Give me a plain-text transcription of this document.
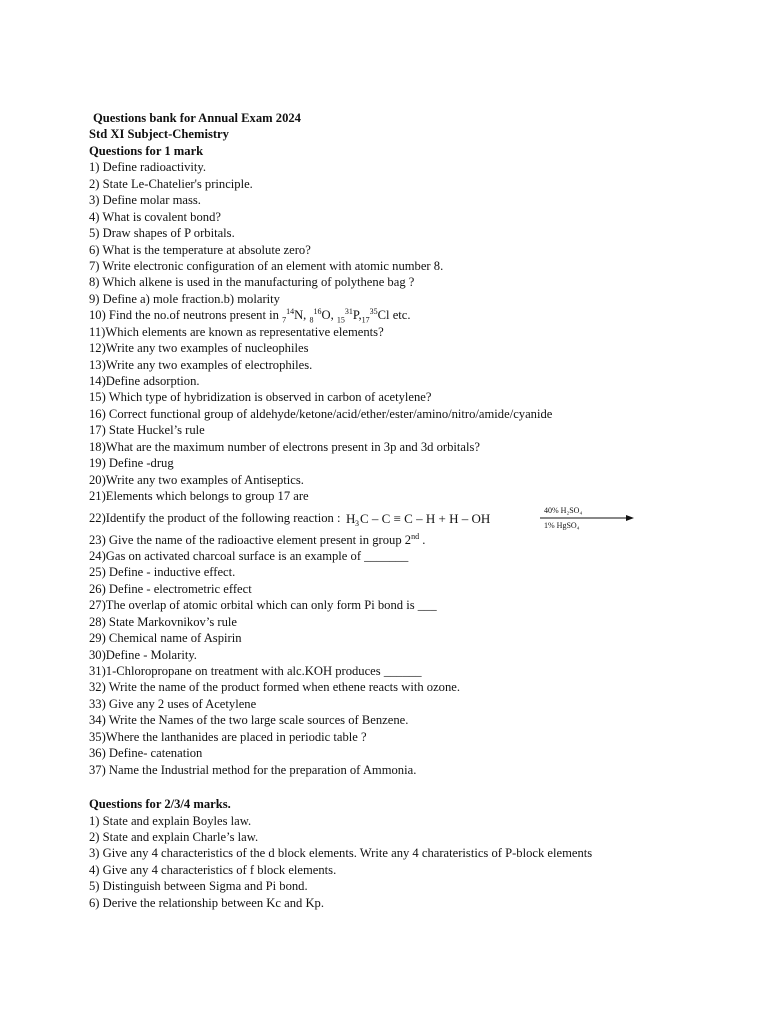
Questions bank for Annual Exam 2024
Std XI Subject-Chemistry
Questions for 1 mark
1) Define radioactivity.
2) State Le-Chatelier's principle.
3) Define molar mass.
4) What is covalent bond?
5) Draw shapes of P orbitals.
6) What is the temperature at absolute zero?
7) Write electronic configuration of an element with atomic number 8.
8) Which alkene is used in the manufacturing of polythene bag ?
9) Define a) mole fraction.b) molarity
10) Find the no.of neutrons present in $_7^{14}$N, $_8^{16}$O, $_{15}^{31}P,_{17}^{35}Cl$ etc.
11)Which elements are known as representative elements?
12)Write any two examples of nucleophiles
13)Write any two examples of electrophiles.
14)Define adsorption.
15) Which type of hybridization is observed in carbon of acetylene?
16) Correct functional group of aldehyde/ketone/acid/ether/ester/amino/nitro/amide/cyanide
17) State Huckel’s rule
18)What are the maximum number of electrons present in 3p and 3d orbitals?
19) Define -drug
20)Write any two examples of Antiseptics.
21)Elements which belongs to group 17 are
22)Identify the product of the following reaction : H 3 C – C ≡ C – H + H – OH
40% H₂SO₄
1% HgSO₄
23) Give the name of the radioactive element present in group 2nd .
24)Gas on activated charcoal surface is an example of _______
25) Define - inductive effect.
26) Define - electrometric effect
27)The overlap of atomic orbital which can only form Pi bond is ___
28) State Markovnikov’s rule
29) Chemical name of Aspirin
30)Define - Molarity.
31)1-Chloropropane on treatment with alc.KOH produces ______
32) Write the name of the product formed when ethene reacts with ozone.
33) Give any 2 uses of Acetylene
34) Write the Names of the two large scale sources of Benzene.
35)Where the lanthanides are placed in periodic table ?
36) Define- catenation
37) Name the Industrial method for the preparation of Ammonia.
Questions for 2/3/4 marks.
1) State and explain Boyles law.
2) State and explain Charle’s law.
3) Give any 4 characteristics of the d block elements. Write any 4 charateristics of P-block elements
4) Give any 4 characteristics of f block elements.
5) Distinguish between Sigma and Pi bond.
6) Derive the relationship between Kc and Kp.
